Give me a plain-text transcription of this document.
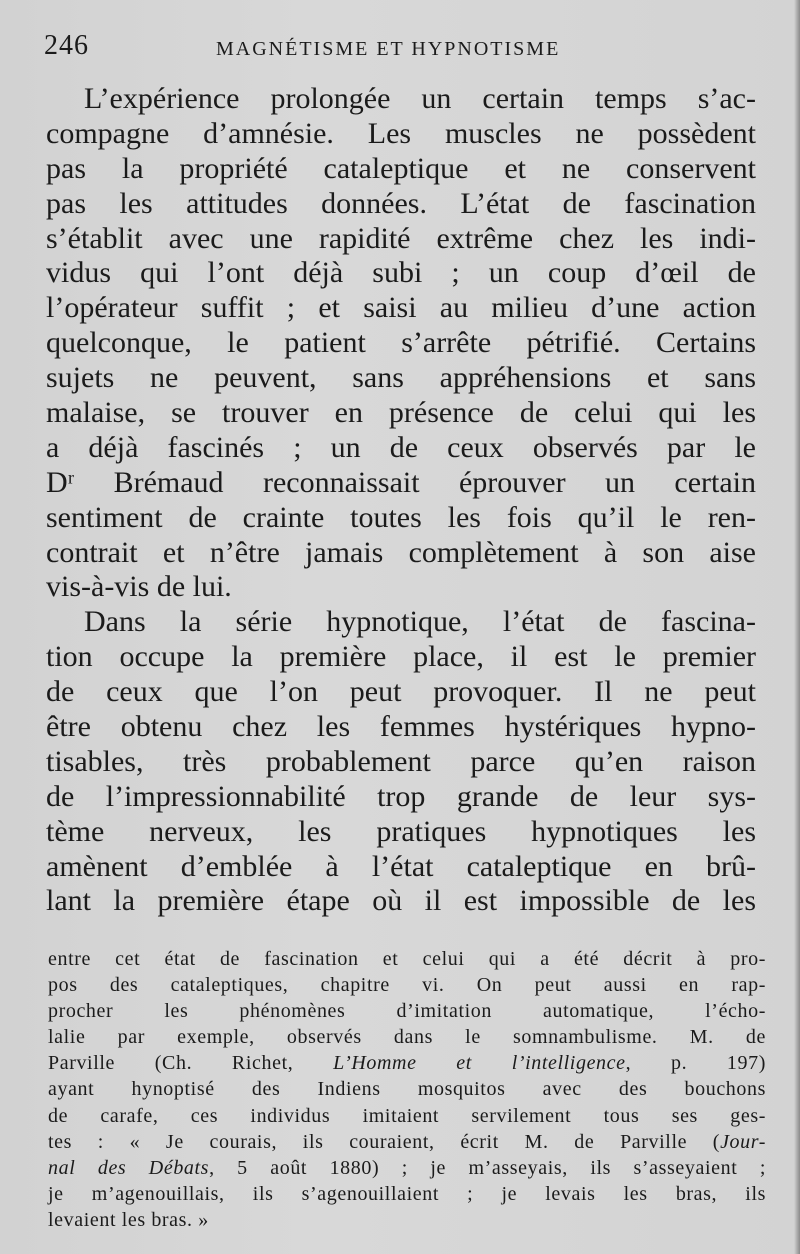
246	MAGNÉTISME ET HYPNOTISME
L’expérience prolongée un certain temps s’ac-
compagne d’amnésie. Les muscles ne possèdent
pas la propriété cataleptique et ne conservent
pas les attitudes données. L’état de fascination
s’établit avec une rapidité extrême chez les indi-
vidus qui l’ont déjà subi ; un coup d’œil de
l’opérateur suffit ; et saisi au milieu d’une action
quelconque, le patient s’arrête pétrifié. Certains
sujets ne peuvent, sans appréhensions et sans
malaise, se trouver en présence de celui qui les
a déjà fascinés ; un de ceux observés par le
Dʳ Brémaud reconnaissait éprouver un certain
sentiment de crainte toutes les fois qu’il le ren-
contrait et n’être jamais complètement à son aise
vis-à-vis de lui.
Dans la série hypnotique, l’état de fascina-
tion occupe la première place, il est le premier
de ceux que l’on peut provoquer. Il ne peut
être obtenu chez les femmes hystériques hypno-
tisables, très probablement parce qu’en raison
de l’impressionnabilité trop grande de leur sys-
tème nerveux, les pratiques hypnotiques les
amènent d’emblée à l’état cataleptique en brû-
lant la première étape où il est impossible de les
entre cet état de fascination et celui qui a été décrit à pro-
pos des cataleptiques, chapitre vi. On peut aussi en rap-
procher les phénomènes d’imitation automatique, l’écho-
lalie par exemple, observés dans le somnambulisme. M. de
Parville (Ch. Richet, L’Homme et l’intelligence, p. 197)
ayant hynoptisé des Indiens mosquitos avec des bouchons
de carafe, ces individus imitaient servilement tous ses ges-
tes : « Je courais, ils couraient, écrit M. de Parville (Jour-
nal des Débats, 5 août 1880) ; je m’asseyais, ils s’asseyaient ;
je m’agenouillais, ils s’agenouillaient ; je levais les bras, ils
levaient les bras. »
